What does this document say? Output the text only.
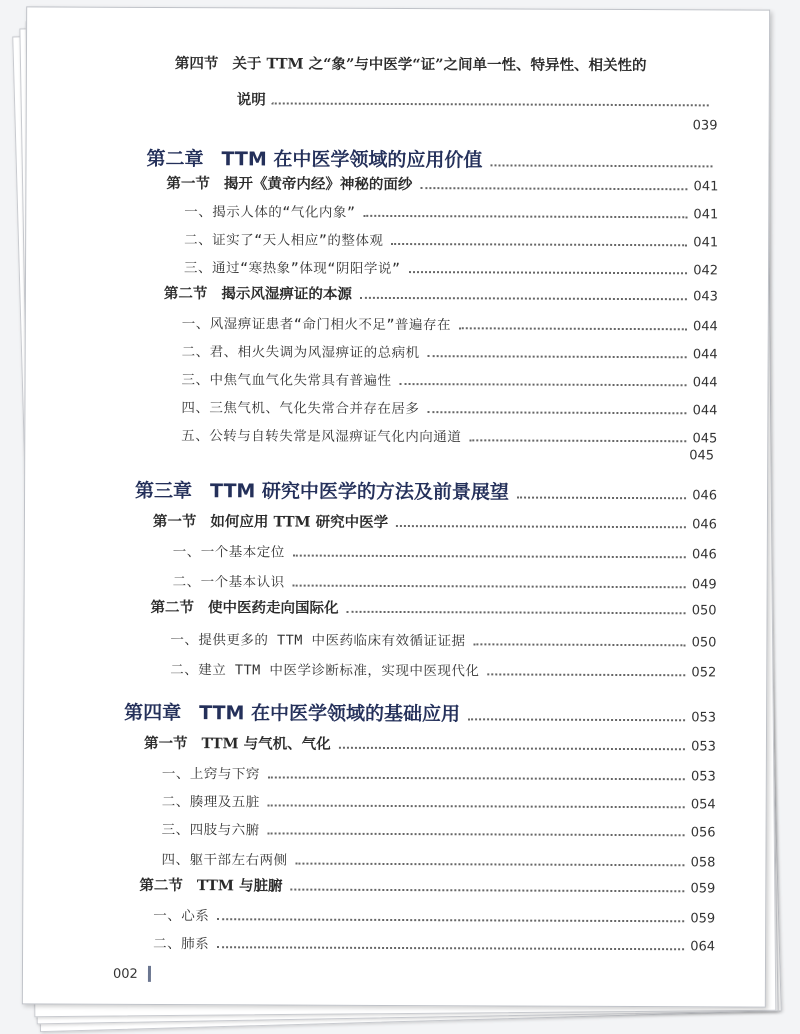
第四节 关于 TTM 之“象”与中医学“证”之间单一性、特异性、相关性的
说明
039
第二章 TTM 在中医学领域的应用价值
第一节 揭开《黄帝内经》神秘的面纱	041
一、揭示人体的“气化内象”	041
二、证实了“天人相应”的整体观	041
三、通过“寒热象”体现“阴阳学说”	042
第二节 揭示风湿痹证的本源	043
一、风湿痹证患者“命门相火不足”普遍存在	044
二、君、相火失调为风湿痹证的总病机	044
三、中焦气血气化失常具有普遍性	044
四、三焦气机、气化失常合并存在居多	044
五、公转与自转失常是风湿痹证气化内向通道	045
045
第三章 TTM 研究中医学的方法及前景展望	046
第一节 如何应用 TTM 研究中医学	046
一、一个基本定位	046
二、一个基本认识	049
第二节 使中医药走向国际化	050
一、提供更多的 TTM 中医药临床有效循证证据	050
二、建立 TTM 中医学诊断标准，实现中医现代化	052
第四章 TTM 在中医学领域的基础应用	053
第一节 TTM 与气机、气化	053
一、上窍与下窍	053
二、腠理及五脏	054
三、四肢与六腑	056
四、躯干部左右两侧	058
第二节 TTM 与脏腑	059
一、心系	059
二、肺系	064
002
